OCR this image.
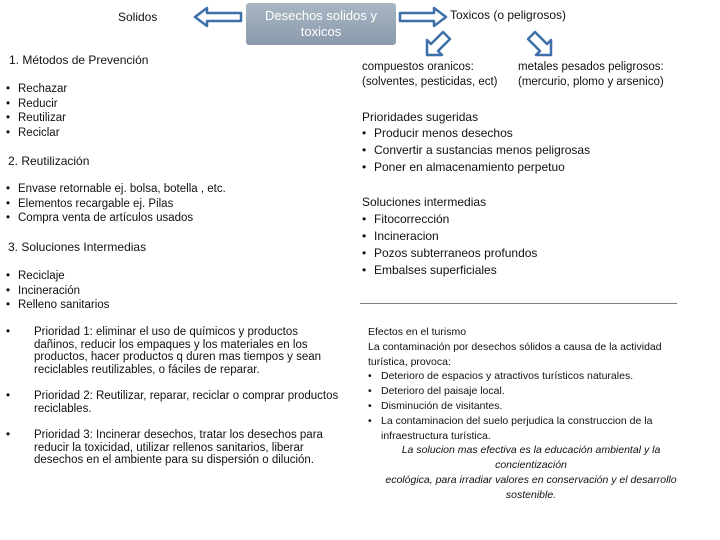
Solidos	Desechos solidos y toxicos
Toxicos (o peligrosos)
1. Métodos de Prevención
• Rechazar
• Reducir
• Reutilizar
• Reciclar
2. Reutilización
• Envase retornable ej. bolsa, botella , etc.
• Elementos recargable ej. Pilas
• Compra venta de artículos usados
3. Soluciones Intermedias
• Reciclaje
• Incineración
• Relleno sanitarios
• Prioridad 1: eliminar el uso de químicos y productos dañinos, reducir los empaques y los materiales en los productos, hacer productos q duren mas tiempos y sean reciclables reutilizables, o fáciles de reparar.
• Prioridad 2: Reutilizar, reparar, reciclar o comprar productos reciclables.
• Prioridad 3: Incinerar desechos, tratar los desechos para reducir la toxicidad, utilizar rellenos sanitarios, liberar desechos en el ambiente para su dispersión o dilución.
compuestos oranicos:
(solventes, pesticidas, ect)
metales pesados peligrosos:
(mercurio, plomo y arsenico)
Prioridades sugeridas
• Producir menos desechos
• Convertir a sustancias menos peligrosas
• Poner en almacenamiento perpetuo
Soluciones intermedias
• Fitocorrección
• Incineracion
• Pozos subterraneos profundos
• Embalses superficiales
Efectos en el turismo
La contaminación por desechos sólidos a causa de la actividad turística, provoca:
• Deterioro de espacios y atractivos turísticos naturales.
• Deterioro del paisaje local.
• Disminución de visitantes.
• La contaminacion del suelo perjudica la construccion de la infraestructura turística.
La solucion mas efectiva es la educación ambiental y la concientización
ecológica, para irradiar valores en conservación y el desarrollo sostenible.
